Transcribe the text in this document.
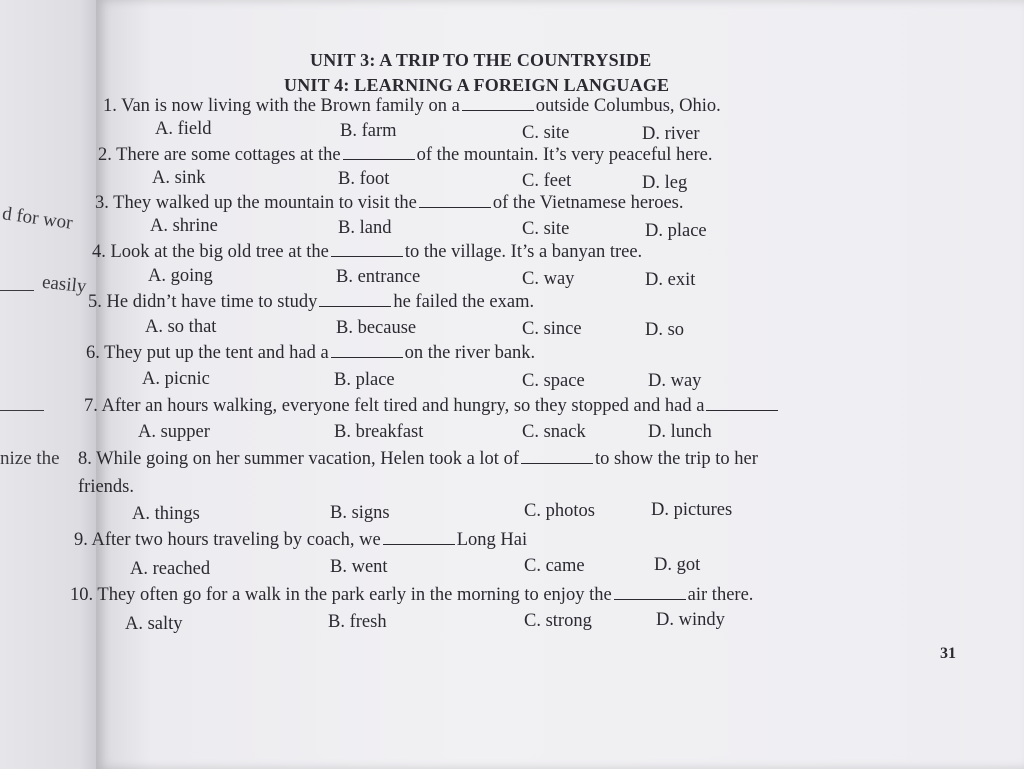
d for wor
easily
nize the
UNIT 3: A TRIP TO THE COUNTRYSIDE
UNIT 4: LEARNING A FOREIGN LANGUAGE
1. Van is now living with the Brown family on a	outside Columbus, Ohio.
A. field	B. farm	C. site	D. river
2. There are some cottages at the	of the mountain. It’s very peaceful here.
A. sink	B. foot	C. feet	D. leg
3. They walked up the mountain to visit the	of the Vietnamese heroes.
A. shrine	B. land	C. site	D. place
4. Look at the big old tree at the	to the village. It’s a banyan tree.
A. going	B. entrance	C. way	D. exit
5. He didn’t have time to study	he failed the exam.
A. so that	B. because	C. since	D. so
6. They put up the tent and had a	on the river bank.
A. picnic	B. place	C. space	D. way
7. After an hours walking, everyone felt tired and hungry, so they stopped and had a
A. supper	B. breakfast	C. snack	D. lunch
8. While going on her summer vacation, Helen took a lot of	to show the trip to her
friends.
A. things	B. signs	C. photos	D. pictures
9. After two hours traveling by coach, we	Long Hai
A. reached	B. went	C. came	D. got
10. They often go for a walk in the park early in the morning to enjoy the	air there.
A. salty	B. fresh	C. strong	D. windy
31
